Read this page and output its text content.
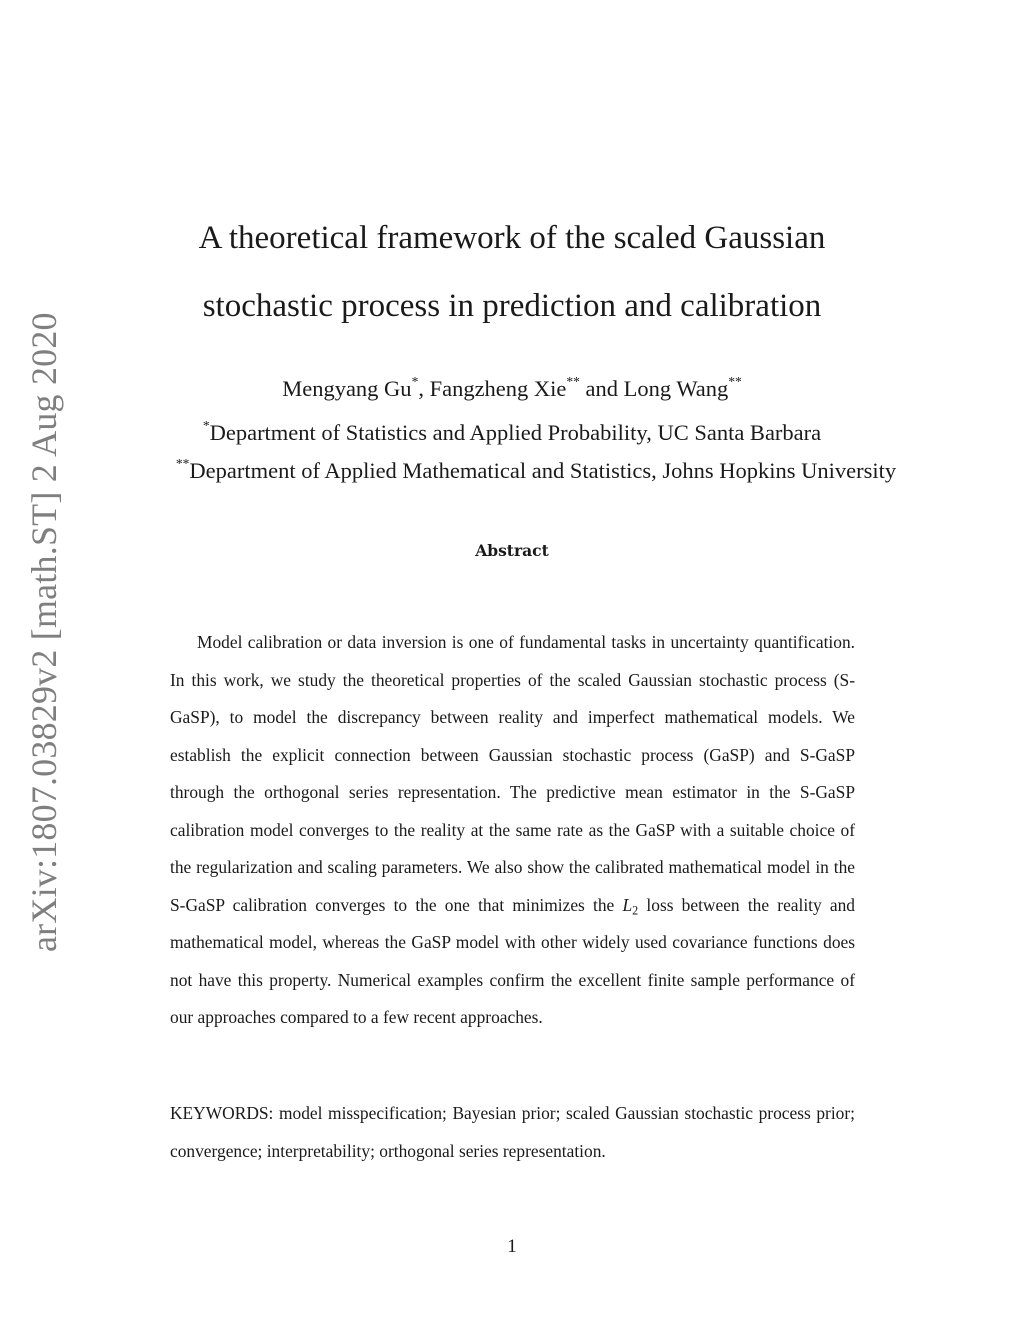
arXiv:1807.03829v2 [math.ST] 2 Aug 2020
A theoretical framework of the scaled Gaussian
stochastic process in prediction and calibration
Mengyang Gu*, Fangzheng Xie** and Long Wang**
*Department of Statistics and Applied Probability, UC Santa Barbara
**Department of Applied Mathematical and Statistics, Johns Hopkins University
Abstract
Model calibration or data inversion is one of fundamental tasks in uncertainty quantification. In this work, we study the theoretical properties of the scaled Gaussian stochastic process (S-GaSP), to model the discrepancy between reality and imperfect mathematical models. We establish the explicit connection between Gaussian stochastic process (GaSP) and S-GaSP through the orthogonal series representation. The predictive mean estimator in the S-GaSP calibration model converges to the reality at the same rate as the GaSP with a suitable choice of the regularization and scaling parameters. We also show the calibrated mathematical model in the S-GaSP calibration converges to the one that minimizes the $L_2$ loss between the reality and mathematical model, whereas the GaSP model with other widely used covariance functions does not have this property. Numerical examples confirm the excellent finite sample performance of our approaches compared to a few recent approaches.
KEYWORDS: model misspecification; Bayesian prior; scaled Gaussian stochastic process prior; convergence; interpretability; orthogonal series representation.
1
